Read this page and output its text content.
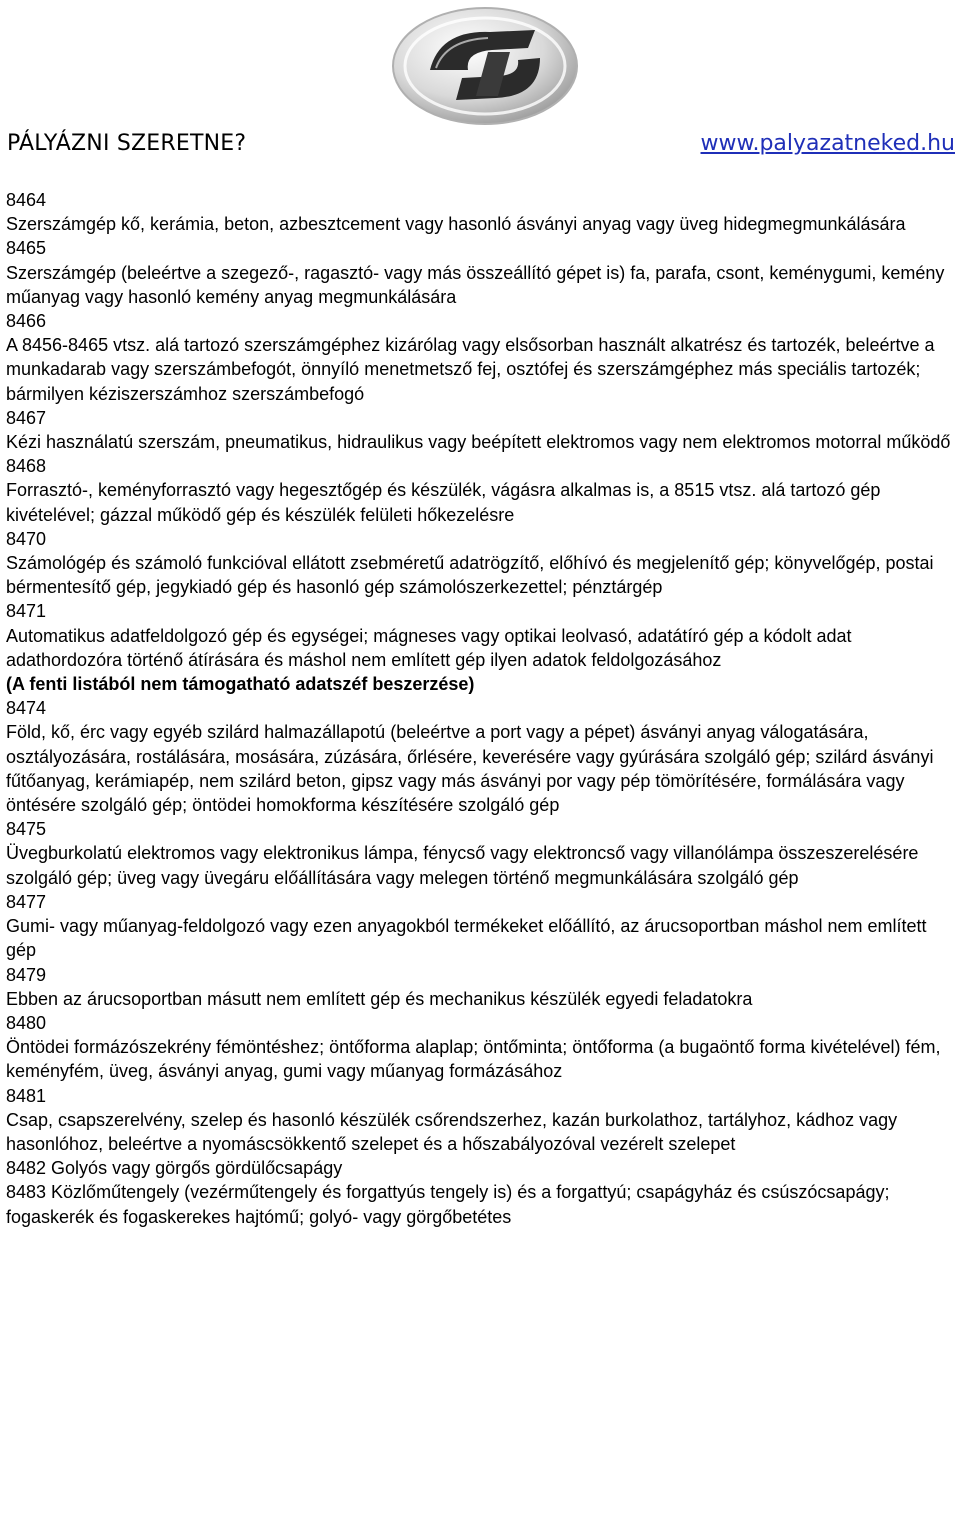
PÁLYÁZNI SZERETNE?	www.palyazatneked.hu
8464
Szerszámgép kő, kerámia, beton, azbesztcement vagy hasonló ásványi anyag vagy üveg hidegmegmunkálására
8465
Szerszámgép (beleértve a szegező-, ragasztó- vagy más összeállító gépet is) fa, parafa, csont, keménygumi, kemény műanyag vagy hasonló kemény anyag megmunkálására
8466
A 8456-8465 vtsz. alá tartozó szerszámgéphez kizárólag vagy elsősorban használt alkatrész és tartozék, beleértve a munkadarab vagy szerszámbefogót, önnyíló menetmetsző fej, osztófej és szerszámgéphez más speciális tartozék; bármilyen kéziszerszámhoz szerszámbefogó
8467
Kézi használatú szerszám, pneumatikus, hidraulikus vagy beépített elektromos vagy nem elektromos motorral működő
8468
Forrasztó-, keményforrasztó vagy hegesztőgép és készülék, vágásra alkalmas is, a 8515 vtsz. alá tartozó gép kivételével; gázzal működő gép és készülék felületi hőkezelésre
8470
Számológép és számoló funkcióval ellátott zsebméretű adatrögzítő, előhívó és megjelenítő gép; könyvelőgép, postai bérmentesítő gép, jegykiadó gép és hasonló gép számolószerkezettel; pénztárgép
8471
Automatikus adatfeldolgozó gép és egységei; mágneses vagy optikai leolvasó, adatátíró gép a kódolt adat adathordozóra történő átírására és máshol nem említett gép ilyen adatok feldolgozásához
(A fenti listából nem támogatható adatszéf beszerzése)
8474
Föld, kő, érc vagy egyéb szilárd halmazállapotú (beleértve a port vagy a pépet) ásványi anyag válogatására, osztályozására, rostálására, mosására, zúzására, őrlésére, keverésére vagy gyúrására szolgáló gép; szilárd ásványi fűtőanyag, kerámiapép, nem szilárd beton, gipsz vagy más ásványi por vagy pép tömörítésére, formálására vagy öntésére szolgáló gép; öntödei homokforma készítésére szolgáló gép
8475
Üvegburkolatú elektromos vagy elektronikus lámpa, fénycső vagy elektroncső vagy villanólámpa összeszerelésére szolgáló gép; üveg vagy üvegáru előállítására vagy melegen történő megmunkálására szolgáló gép
8477
Gumi- vagy műanyag-feldolgozó vagy ezen anyagokból termékeket előállító, az árucsoportban máshol nem említett gép
8479
Ebben az árucsoportban másutt nem említett gép és mechanikus készülék egyedi feladatokra
8480
Öntödei formázószekrény fémöntéshez; öntőforma alaplap; öntőminta; öntőforma (a bugaöntő forma kivételével) fém, keményfém, üveg, ásványi anyag, gumi vagy műanyag formázásához
8481
Csap, csapszerelvény, szelep és hasonló készülék csőrendszerhez, kazán burkolathoz, tartályhoz, kádhoz vagy hasonlóhoz, beleértve a nyomáscsökkentő szelepet és a hőszabályozóval vezérelt szelepet
8482 Golyós vagy görgős gördülőcsapágy
8483 Közlőműtengely (vezérműtengely és forgattyús tengely is) és a forgattyú; csapágyház és csúszócsapágy; fogaskerék és fogaskerekes hajtómű; golyó- vagy görgőbetétes
